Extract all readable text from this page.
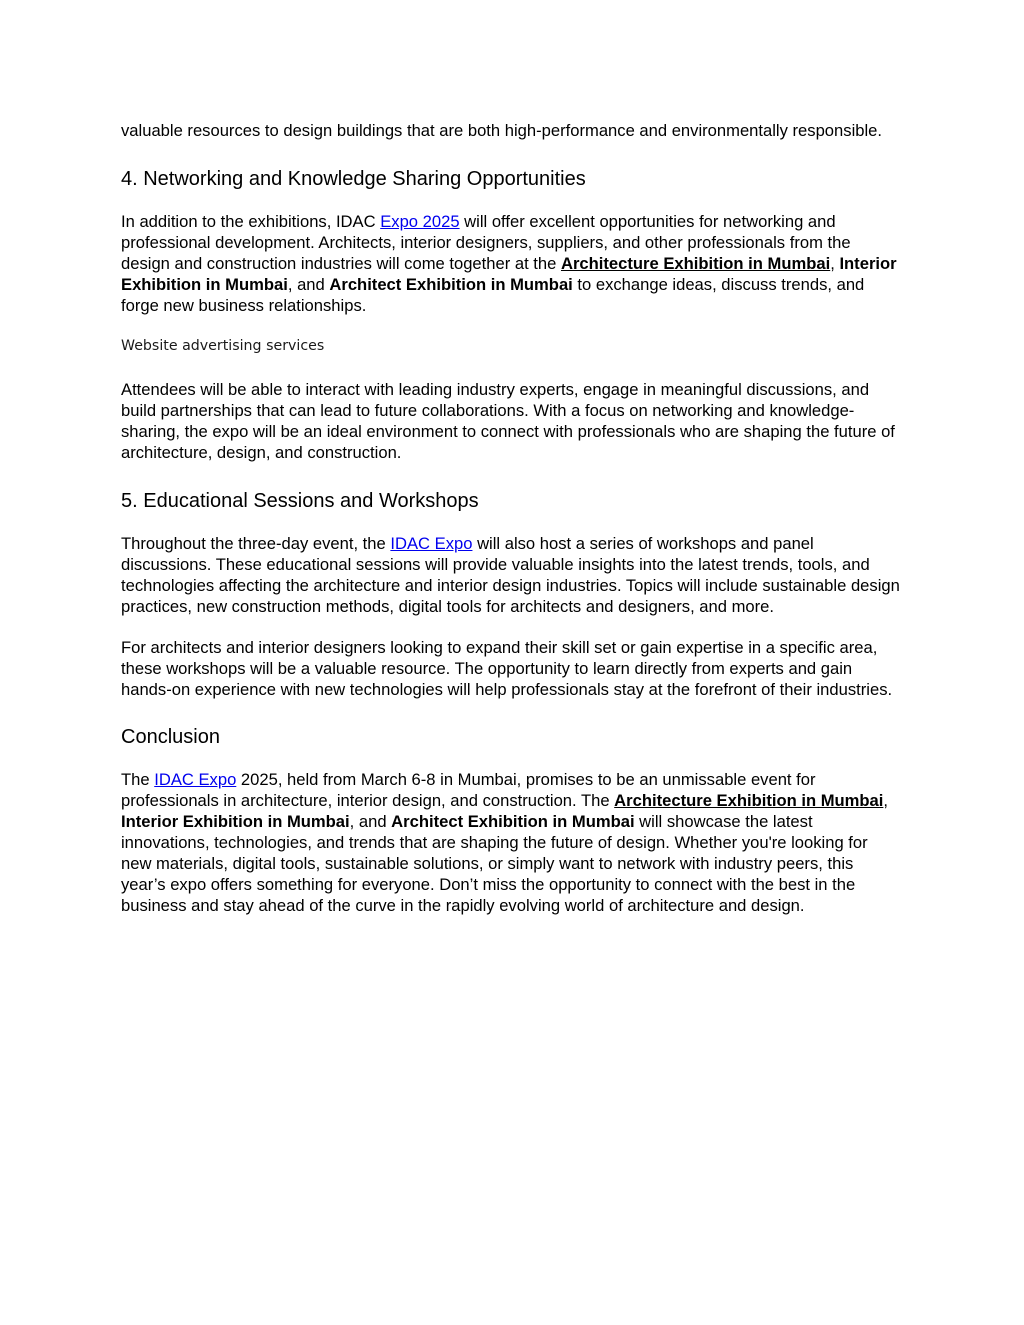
valuable resources to design buildings that are both high-performance and environmentally responsible.

4. Networking and Knowledge Sharing Opportunities

In addition to the exhibitions, IDAC Expo 2025 will offer excellent opportunities for networking and professional development. Architects, interior designers, suppliers, and other professionals from the design and construction industries will come together at the Architecture Exhibition in Mumbai, Interior Exhibition in Mumbai, and Architect Exhibition in Mumbai to exchange ideas, discuss trends, and forge new business relationships.

Website advertising services

Attendees will be able to interact with leading industry experts, engage in meaningful discussions, and build partnerships that can lead to future collaborations. With a focus on networking and knowledge-sharing, the expo will be an ideal environment to connect with professionals who are shaping the future of architecture, design, and construction.

5. Educational Sessions and Workshops

Throughout the three-day event, the IDAC Expo will also host a series of workshops and panel discussions. These educational sessions will provide valuable insights into the latest trends, tools, and technologies affecting the architecture and interior design industries. Topics will include sustainable design practices, new construction methods, digital tools for architects and designers, and more.

For architects and interior designers looking to expand their skill set or gain expertise in a specific area, these workshops will be a valuable resource. The opportunity to learn directly from experts and gain hands-on experience with new technologies will help professionals stay at the forefront of their industries.

Conclusion

The IDAC Expo 2025, held from March 6-8 in Mumbai, promises to be an unmissable event for professionals in architecture, interior design, and construction. The Architecture Exhibition in Mumbai, Interior Exhibition in Mumbai, and Architect Exhibition in Mumbai will showcase the latest innovations, technologies, and trends that are shaping the future of design. Whether you're looking for new materials, digital tools, sustainable solutions, or simply want to network with industry peers, this year’s expo offers something for everyone. Don’t miss the opportunity to connect with the best in the business and stay ahead of the curve in the rapidly evolving world of architecture and design.
